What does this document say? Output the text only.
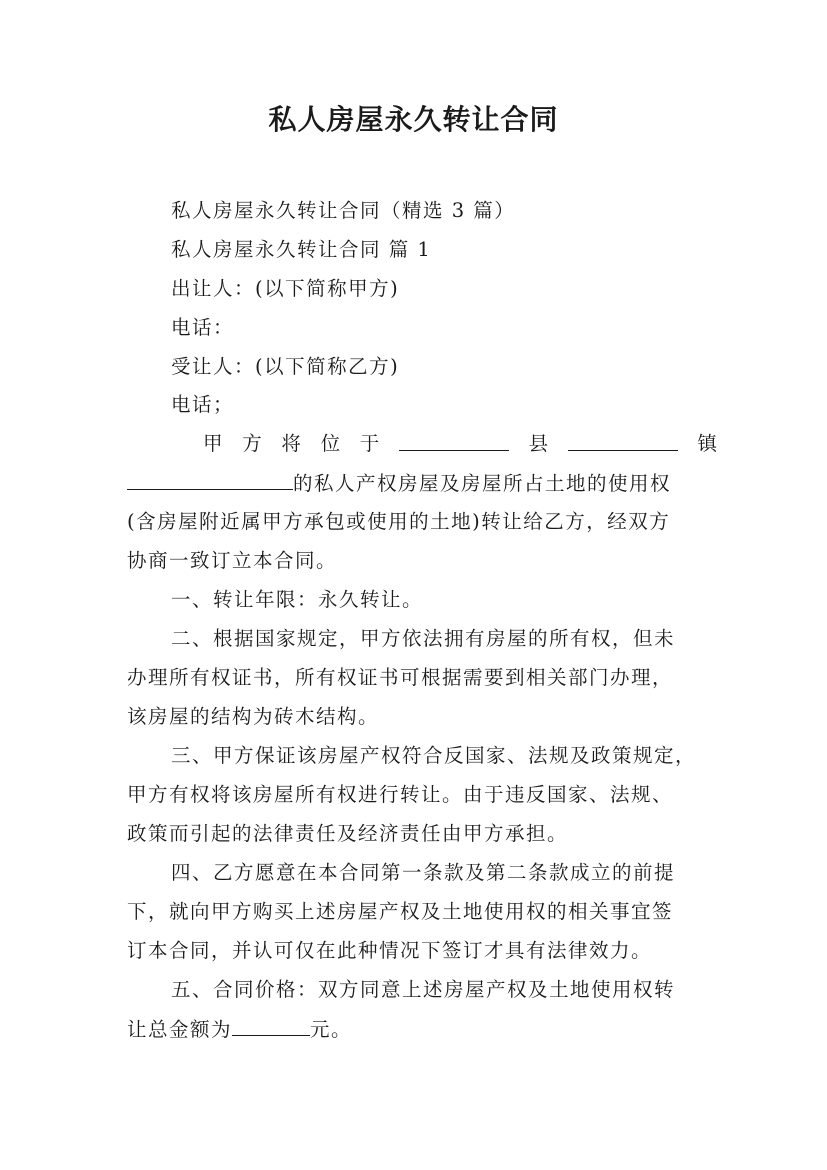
私人房屋永久转让合同
私人房屋永久转让合同（精选 3 篇）
私人房屋永久转让合同 篇 1
出让人：(以下简称甲方)
电话：
受让人：(以下简称乙方)
电话；
甲 方 将 位 于	县	镇
的私人产权房屋及房屋所占土地的使用权
(含房屋附近属甲方承包或使用的土地)转让给乙方，经双方
协商一致订立本合同。
一、转让年限：永久转让。
二、根据国家规定，甲方依法拥有房屋的所有权，但未
办理所有权证书，所有权证书可根据需要到相关部门办理，
该房屋的结构为砖木结构。
三、甲方保证该房屋产权符合反国家、法规及政策规定，
甲方有权将该房屋所有权进行转让。由于违反国家、法规、
政策而引起的法律责任及经济责任由甲方承担。
四、乙方愿意在本合同第一条款及第二条款成立的前提
下，就向甲方购买上述房屋产权及土地使用权的相关事宜签
订本合同，并认可仅在此种情况下签订才具有法律效力。
五、合同价格：双方同意上述房屋产权及土地使用权转
让总金额为	元。
